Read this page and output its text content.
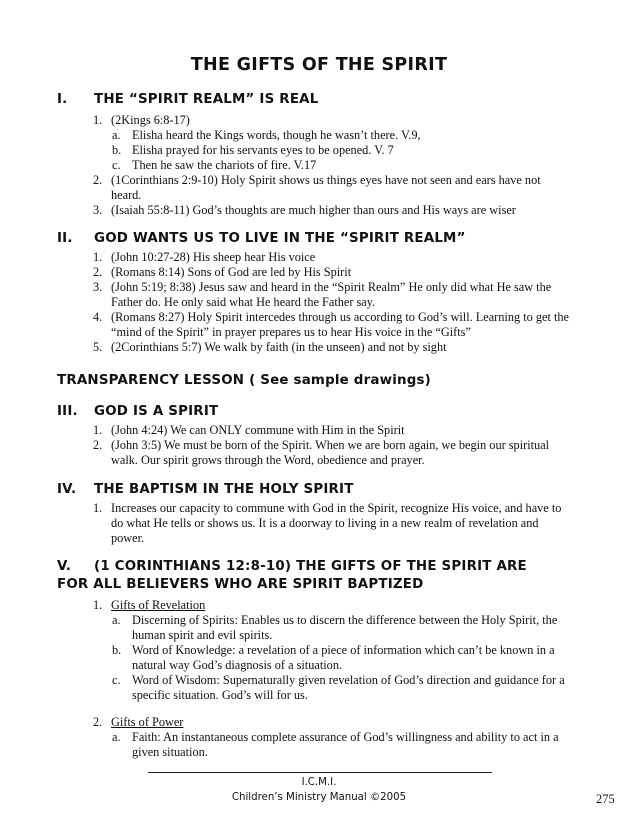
THE GIFTS OF THE SPIRIT
I. THE “SPIRIT REALM” IS REAL
1. (2Kings 6:8-17)
a. Elisha heard the Kings words, though he wasn’t there. V.9,
b. Elisha prayed for his servants eyes to be opened. V. 7
c. Then he saw the chariots of fire. V.17
2. (1Corinthians 2:9-10) Holy Spirit shows us things eyes have not seen and ears have not
heard.
3. (Isaiah 55:8-11) God’s thoughts are much higher than ours and His ways are wiser
II. GOD WANTS US TO LIVE IN THE “SPIRIT REALM”
1. (John 10:27-28) His sheep hear His voice
2. (Romans 8:14) Sons of God are led by His Spirit
3. (John 5:19; 8:38) Jesus saw and heard in the “Spirit Realm” He only did what He saw the
Father do. He only said what He heard the Father say.
4. (Romans 8:27) Holy Spirit intercedes through us according to God’s will. Learning to get the
“mind of the Spirit” in prayer prepares us to hear His voice in the “Gifts”
5. (2Corinthians 5:7) We walk by faith (in the unseen) and not by sight
TRANSPARENCY LESSON ( See sample drawings)
III. GOD IS A SPIRIT
1. (John 4:24) We can ONLY commune with Him in the Spirit
2. (John 3:5) We must be born of the Spirit. When we are born again, we begin our spiritual
walk. Our spirit grows through the Word, obedience and prayer.
IV. THE BAPTISM IN THE HOLY SPIRIT
1. Increases our capacity to commune with God in the Spirit, recognize His voice, and have to
do what He tells or shows us. It is a doorway to living in a new realm of revelation and
power.
V. (1 CORINTHIANS 12:8-10) THE GIFTS OF THE SPIRIT ARE
FOR ALL BELIEVERS WHO ARE SPIRIT BAPTIZED
1. Gifts of Revelation
a. Discerning of Spirits: Enables us to discern the difference between the Holy Spirit, the
human spirit and evil spirits.
b. Word of Knowledge: a revelation of a piece of information which can’t be known in a
natural way God’s diagnosis of a situation.
c. Word of Wisdom: Supernaturally given revelation of God’s direction and guidance for a
specific situation. God’s will for us.
2. Gifts of Power
a. Faith: An instantaneous complete assurance of God’s willingness and ability to act in a
given situation.
I.C.M.I.
Children’s Ministry Manual ©2005	275
